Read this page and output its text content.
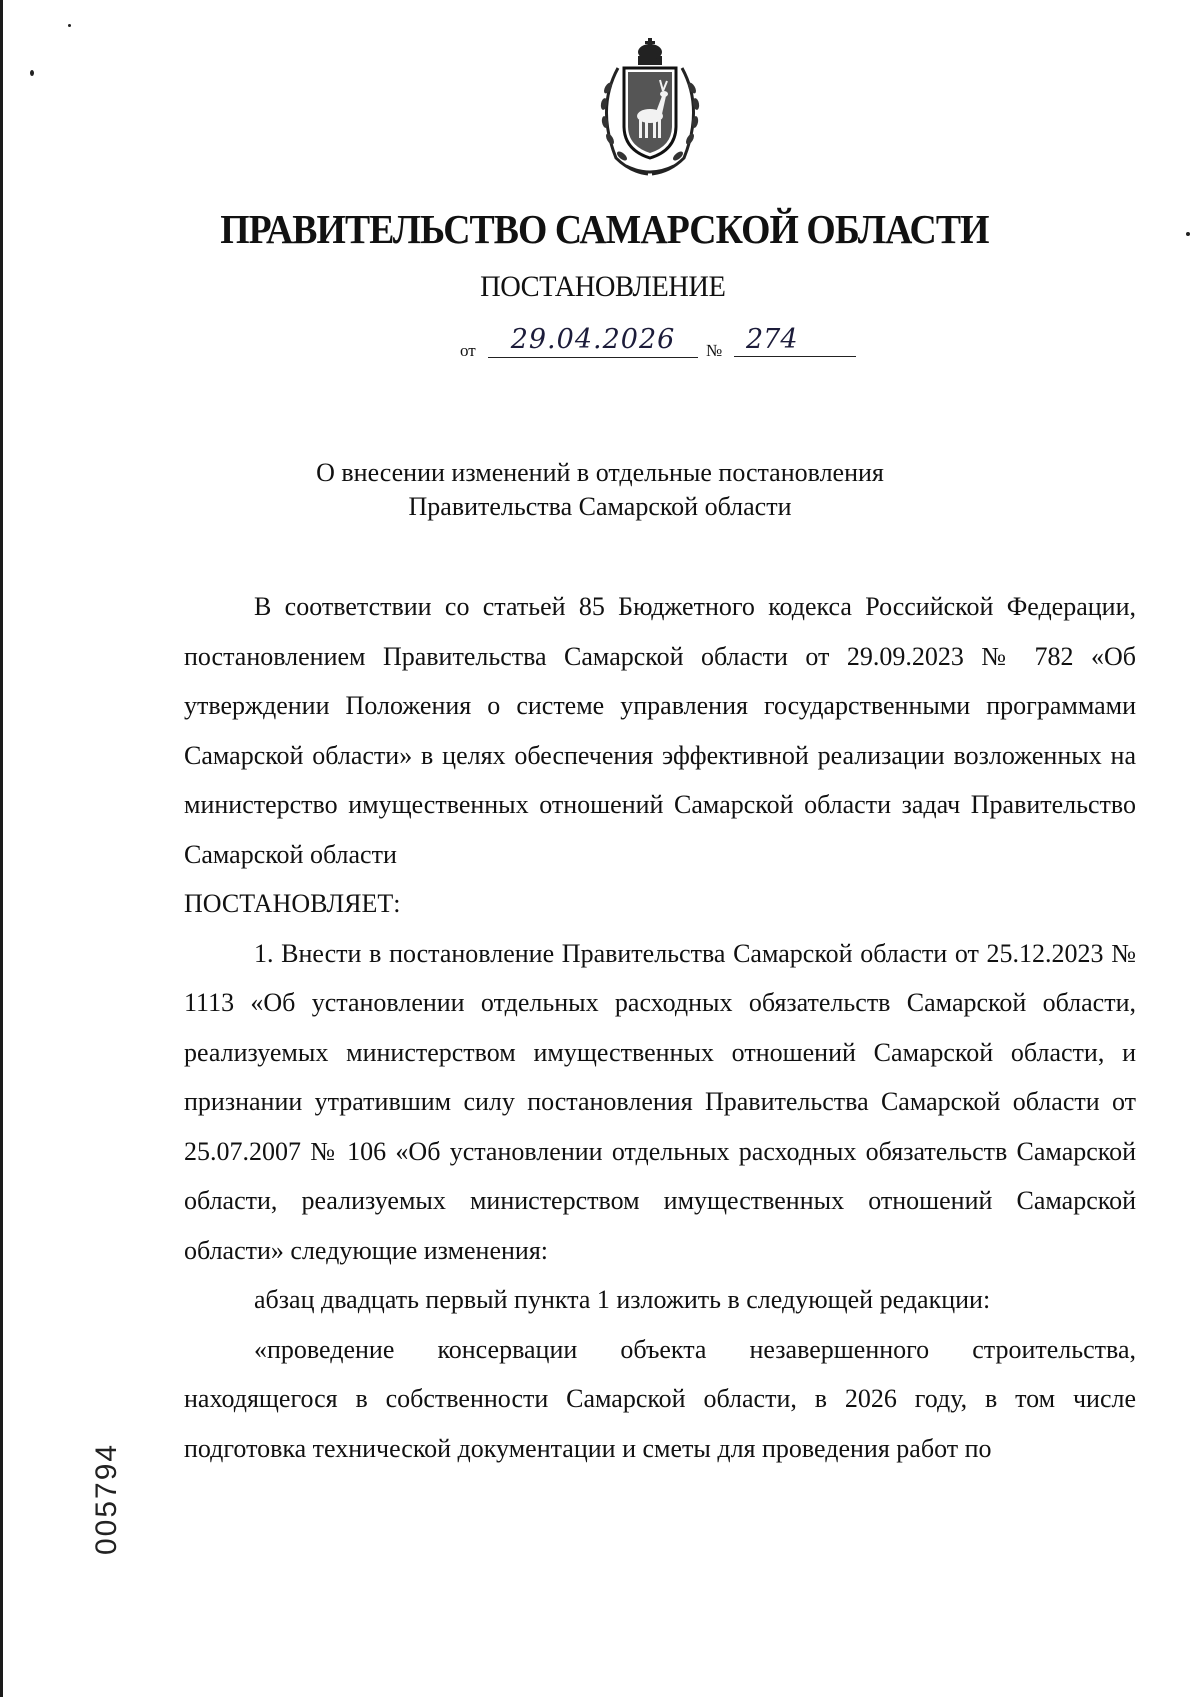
ПРАВИТЕЛЬСТВО САМАРСКОЙ ОБЛАСТИ
ПОСТАНОВЛЕНИЕ
от	29.04.2026	№ 274
О внесении изменений в отдельные постановления
Правительства Самарской области

В соответствии со статьей 85 Бюджетного кодекса Российской Федерации, постановлением Правительства Самарской области от 29.09.2023 № 782 «Об утверждении Положения о системе управления государственными программами Самарской области» в целях обеспечения эффективной реализации возложенных на министерство имущественных отношений Самарской области задач Правительство Самарской области

ПОСТАНОВЛЯЕТ:

1. Внести в постановление Правительства Самарской области от 25.12.2023 № 1113 «Об установлении отдельных расходных обязательств Самарской области, реализуемых министерством имущественных отношений Самарской области, и признании утратившим силу постановления Правительства Самарской области от 25.07.2007 № 106 «Об установлении отдельных расходных обязательств Самарской области, реализуемых министерством имущественных отношений Самарской области» следующие изменения:

абзац двадцать первый пункта 1 изложить в следующей редакции:

«проведение консервации объекта незавершенного строительства, находящегося в собственности Самарской области, в 2026 году, в том числе подготовка технической документации и сметы для проведения работ по

005794
